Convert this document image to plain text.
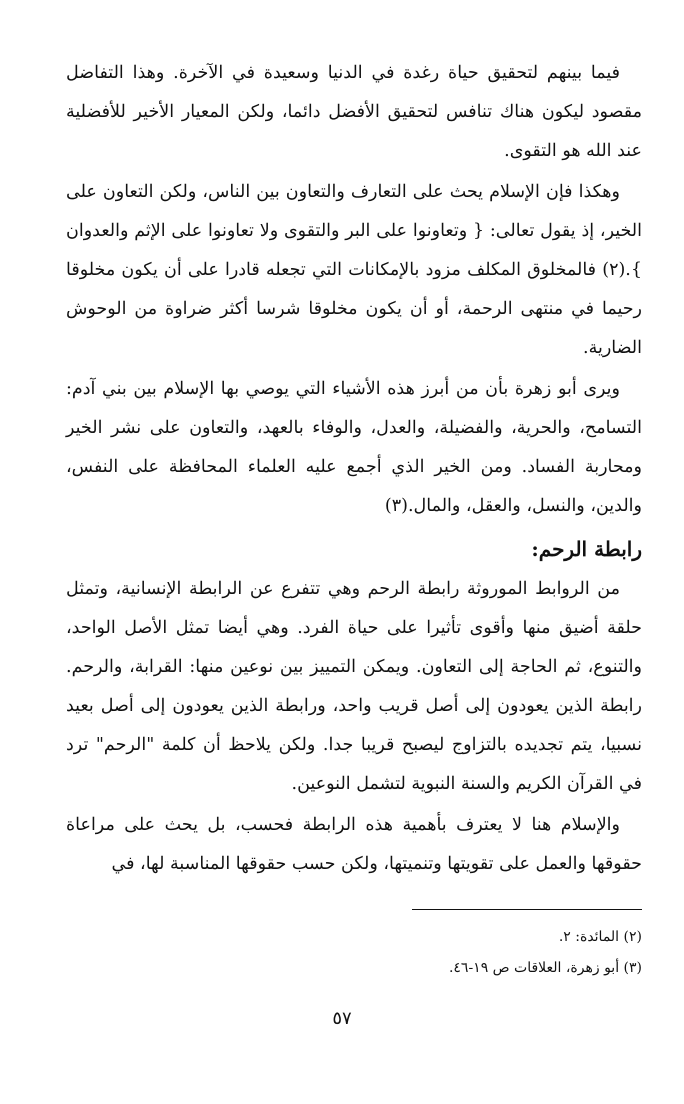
فيما بينهم لتحقيق حياة رغدة في الدنيا وسعيدة في الآخرة. وهذا التفاضل مقصود ليكون هناك تنافس لتحقيق الأفضل دائما، ولكن المعيار الأخير للأفضلية عند الله هو التقوى.

وهكذا فإن الإسلام يحث على التعارف والتعاون بين الناس، ولكن التعاون على الخير، إذ يقول تعالى: { وتعاونوا على البر والتقوى ولا تعاونوا على الإثم والعدوان }.(٢) فالمخلوق المكلف مزود بالإمكانات التي تجعله قادرا على أن يكون مخلوقا رحيما في منتهى الرحمة، أو أن يكون مخلوقا شرسا أكثر ضراوة من الوحوش الضارية.

ويرى أبو زهرة بأن من أبرز هذه الأشياء التي يوصي بها الإسلام بين بني آدم: التسامح، والحرية، والفضيلة، والعدل، والوفاء بالعهد، والتعاون على نشر الخير ومحاربة الفساد. ومن الخير الذي أجمع عليه العلماء المحافظة على النفس، والدين، والنسل، والعقل، والمال.(٣)

رابطة الرحم:

من الروابط الموروثة رابطة الرحم وهي تتفرع عن الرابطة الإنسانية، وتمثل حلقة أضيق منها وأقوى تأثيرا على حياة الفرد. وهي أيضا تمثل الأصل الواحد، والتنوع، ثم الحاجة إلى التعاون. ويمكن التمييز بين نوعين منها: القرابة، والرحم. رابطة الذين يعودون إلى أصل قريب واحد، ورابطة الذين يعودون إلى أصل بعيد نسبيا، يتم تجديده بالتزاوج ليصبح قريبا جدا. ولكن يلاحظ أن كلمة "الرحم" ترد في القرآن الكريم والسنة النبوية لتشمل النوعين.

والإسلام هنا لا يعترف بأهمية هذه الرابطة فحسب، بل يحث على مراعاة حقوقها والعمل على تقويتها وتنميتها، ولكن حسب حقوقها المناسبة لها، في

(٢) المائدة: ٢.
(٣) أبو زهرة، العلاقات ص ١٩-٤٦.
٥٧
